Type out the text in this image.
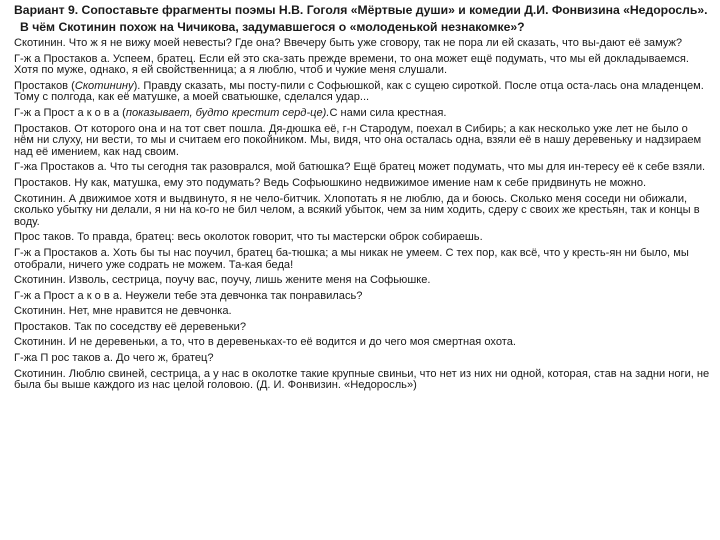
Вариант 9. Сопоставьте фрагменты поэмы Н.В. Гоголя «Мёртвые души» и комедии Д.И. Фонвизина «Недоросль».
В чём Скотинин похож на Чичикова, задумавшегося о «молоденькой незнакомке»?
Скотинин. Что ж я не вижу моей невесты? Где она? Ввечеру быть уже сговору, так не пора ли ей сказать, что вы-дают её замуж?
Г-ж а Простаков а. Успеем, братец. Если ей это ска-зать прежде времени, то она может ещё подумать, что мы ей докладываемся. Хотя по муже, однако, я ей свойственница; а я люблю, чтоб и чужие меня слушали.
Простаков (Скотинину). Правду сказать, мы посту-пили с Софьюшкой, как с сущею сироткой. После отца оста-лась она младенцем. Тому с полгода, как её матушке, а моей сватьюшке, сделался удар...
Г-ж а Прост а к о в а (показывает, будто крестит серд-це).С нами сила крестная.
Простаков. От которого она и на тот свет пошла. Дя-дюшка её, г-н Стародум, поехал в Сибирь; а как несколько уже лет не было о нём ни слуху, ни вести, то мы и считаем его покойником. Мы, видя, что она осталась одна, взяли её в нашу деревеньку и надзираем над её имением, как над своим.
Г-жа Простаков а. Что ты сегодня так разоврался, мой батюшка? Ещё братец может подумать, что мы для ин-тересу её к себе взяли.
Простаков. Ну как, матушка, ему это подумать? Ведь Софьюшкино недвижимое имение нам к себе придвинуть не можно.
Скотинин. А движимое хотя и выдвинуто, я не чело-битчик. Хлопотать я не люблю, да и боюсь. Сколько меня соседи ни обижали, сколько убытку ни делали, я ни на ко-го не бил челом, а всякий убыток, чем за ним ходить, сдеру с своих же крестьян, так и концы в воду.
Прос таков. То правда, братец: весь околоток говорит, что ты мастерски оброк собираешь.
Г-ж а Простаков а. Хоть бы ты нас поучил, братец ба-тюшка; а мы никак не умеем. С тех пор, как всё, что у кресть-ян ни было, мы отобрали, ничего уже содрать не можем. Та-кая беда!
Скотинин. Изволь, сестрица, поучу вас, поучу, лишь жените меня на Софьюшке.
Г-ж а Прост а к о в а. Неужели тебе эта девчонка так понравилась?
Скотинин. Нет, мне нравится не девчонка.
Простаков. Так по соседству её деревеньки?
Скотинин. И не деревеньки, а то, что в деревеньках-то её водится и до чего моя смертная охота.
Г-жа П рос таков а. До чего ж, братец?
Скотинин. Люблю свиней, сестрица, а у нас в околотке такие крупные свиньи, что нет из них ни одной, которая, став на задни ноги, не была бы выше каждого из нас целой головою. (Д. И. Фонвизин. «Недоросль»)
